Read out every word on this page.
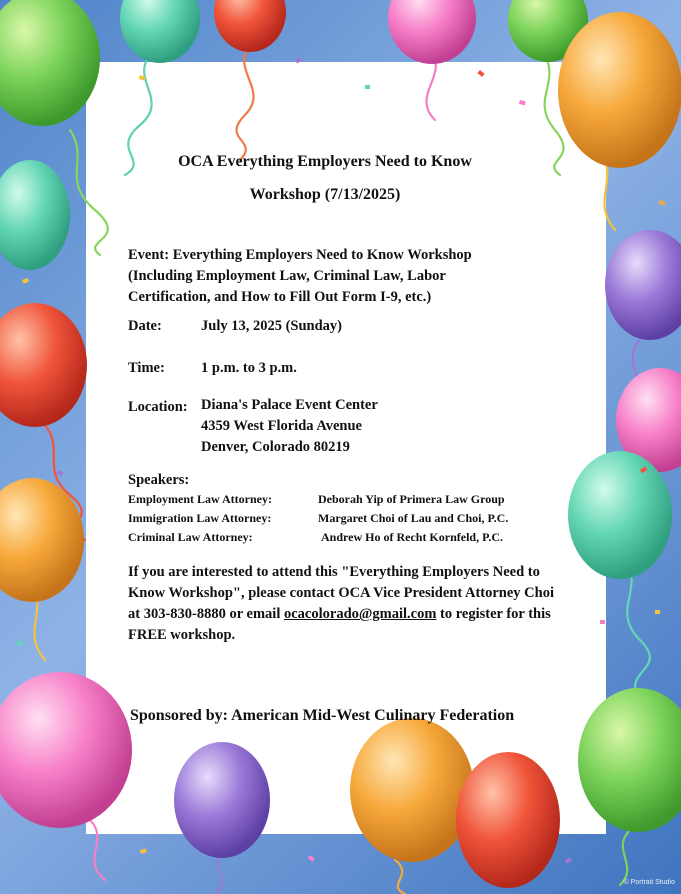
OCA Everything Employers Need to Know

Workshop (7/13/2025)

Event: Everything Employers Need to Know Workshop
(Including Employment Law, Criminal Law, Labor
Certification, and How to Fill Out Form I-9, etc.)

Date:	July 13, 2025 (Sunday)

Time: 1 p.m. to 3 p.m.

Location: Diana's Palace Event Center
4359 West Florida Avenue
Denver, Colorado 80219

Speakers:

Employment Law Attorney:	Deborah Yip of Primera Law Group

Immigration Law Attorney:	Margaret Choi of Lau and Choi, P.C.

Criminal Law Attorney:	Andrew Ho of Recht Kornfeld, P.C.

If you are interested to attend this "Everything Employers Need to
Know Workshop", please contact OCA Vice President Attorney Choi
at 303-830-8880 or email ocacolorado@gmail.com to register for this
FREE workshop.

Sponsored by: American Mid-West Culinary Federation

© Portrait Studio
